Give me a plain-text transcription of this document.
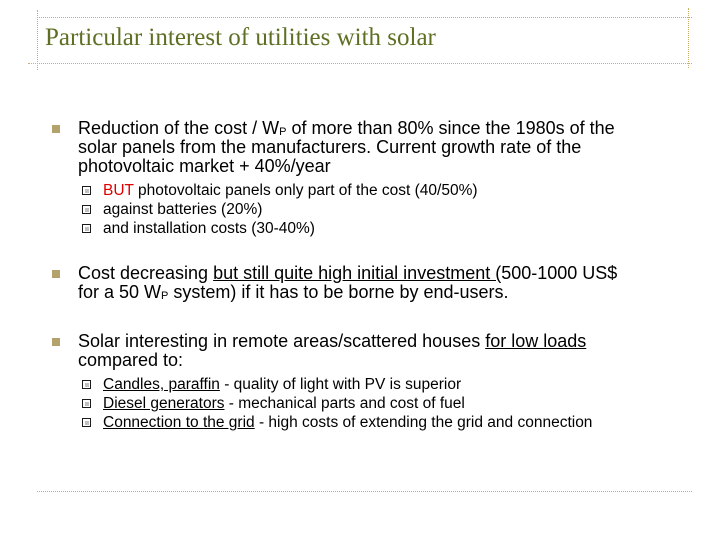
Particular interest of utilities with solar
Reduction of the cost / $W_P$ of more than 80% since the 1980s of the
solar panels from the manufacturers. Current growth rate of the
photovoltaic market + 40%/year
BUT photovoltaic panels only part of the cost (40/50%)
against batteries (20%)
and installation costs (30-40%)
Cost decreasing but still quite high initial investment (500-1000 US$
for a 50 $W_P$ system) if it has to be borne by end-users.
Solar interesting in remote areas/scattered houses for low loads
compared to:
Candles, paraffin - quality of light with PV is superior
Diesel generators - mechanical parts and cost of fuel
Connection to the grid - high costs of extending the grid and connection
